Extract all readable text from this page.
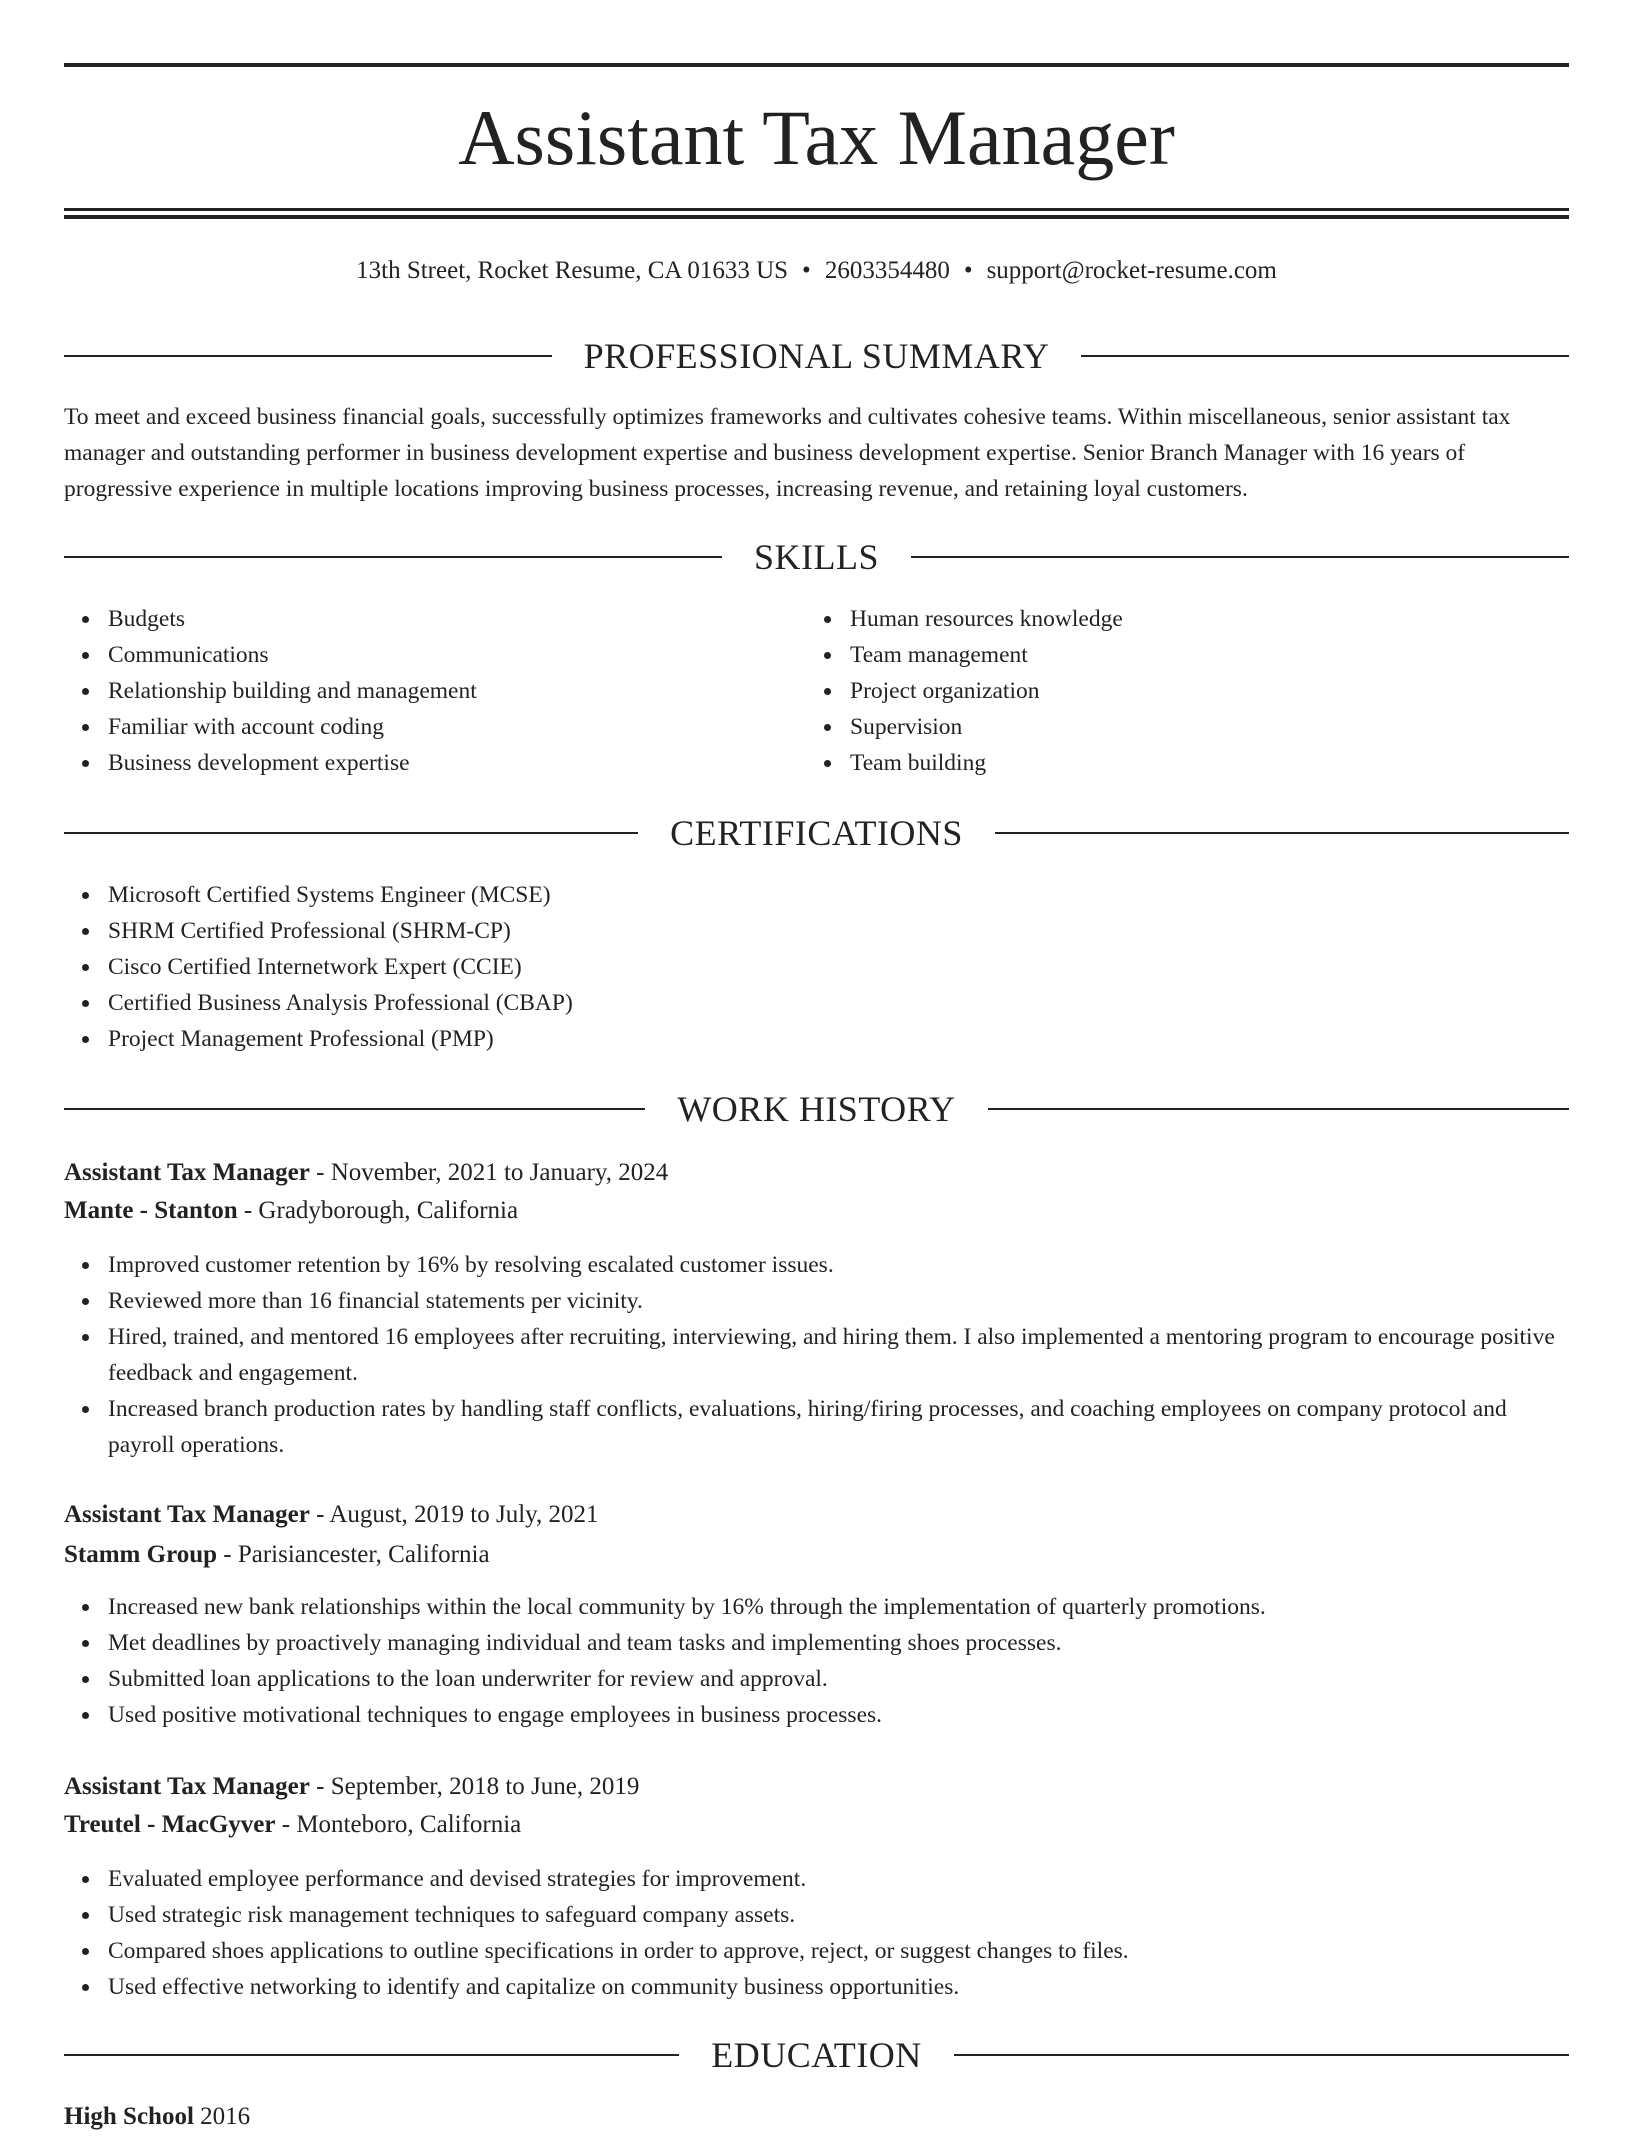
Assistant Tax Manager
13th Street, Rocket Resume, CA 01633 US • 2603354480 • support@rocket-resume.com
PROFESSIONAL SUMMARY

To meet and exceed business financial goals, successfully optimizes frameworks and cultivates cohesive teams. Within miscellaneous, senior assistant tax manager and outstanding performer in business development expertise and business development expertise. Senior Branch Manager with 16 years of progressive experience in multiple locations improving business processes, increasing revenue, and retaining loyal customers.

SKILLS
Budgets
Communications
Relationship building and management
Familiar with account coding
Business development expertise
Human resources knowledge
Team management
Project organization
Supervision
Team building
CERTIFICATIONS
Microsoft Certified Systems Engineer (MCSE)
SHRM Certified Professional (SHRM-CP)
Cisco Certified Internetwork Expert (CCIE)
Certified Business Analysis Professional (CBAP)
Project Management Professional (PMP)
WORK HISTORY
Assistant Tax Manager - November, 2021 to January, 2024
Mante - Stanton - Gradyborough, California
Improved customer retention by 16% by resolving escalated customer issues.
Reviewed more than 16 financial statements per vicinity.
Hired, trained, and mentored 16 employees after recruiting, interviewing, and hiring them. I also implemented a mentoring program to encourage positive feedback and engagement.
Increased branch production rates by handling staff conflicts, evaluations, hiring/firing processes, and coaching employees on company protocol and payroll operations.
Assistant Tax Manager - August, 2019 to July, 2021
Stamm Group - Parisiancester, California
Increased new bank relationships within the local community by 16% through the implementation of quarterly promotions.
Met deadlines by proactively managing individual and team tasks and implementing shoes processes.
Submitted loan applications to the loan underwriter for review and approval.
Used positive motivational techniques to engage employees in business processes.
Assistant Tax Manager - September, 2018 to June, 2019
Treutel - MacGyver - Monteboro, California
Evaluated employee performance and devised strategies for improvement.
Used strategic risk management techniques to safeguard company assets.
Compared shoes applications to outline specifications in order to approve, reject, or suggest changes to files.
Used effective networking to identify and capitalize on community business opportunities.
EDUCATION
High School 2016
